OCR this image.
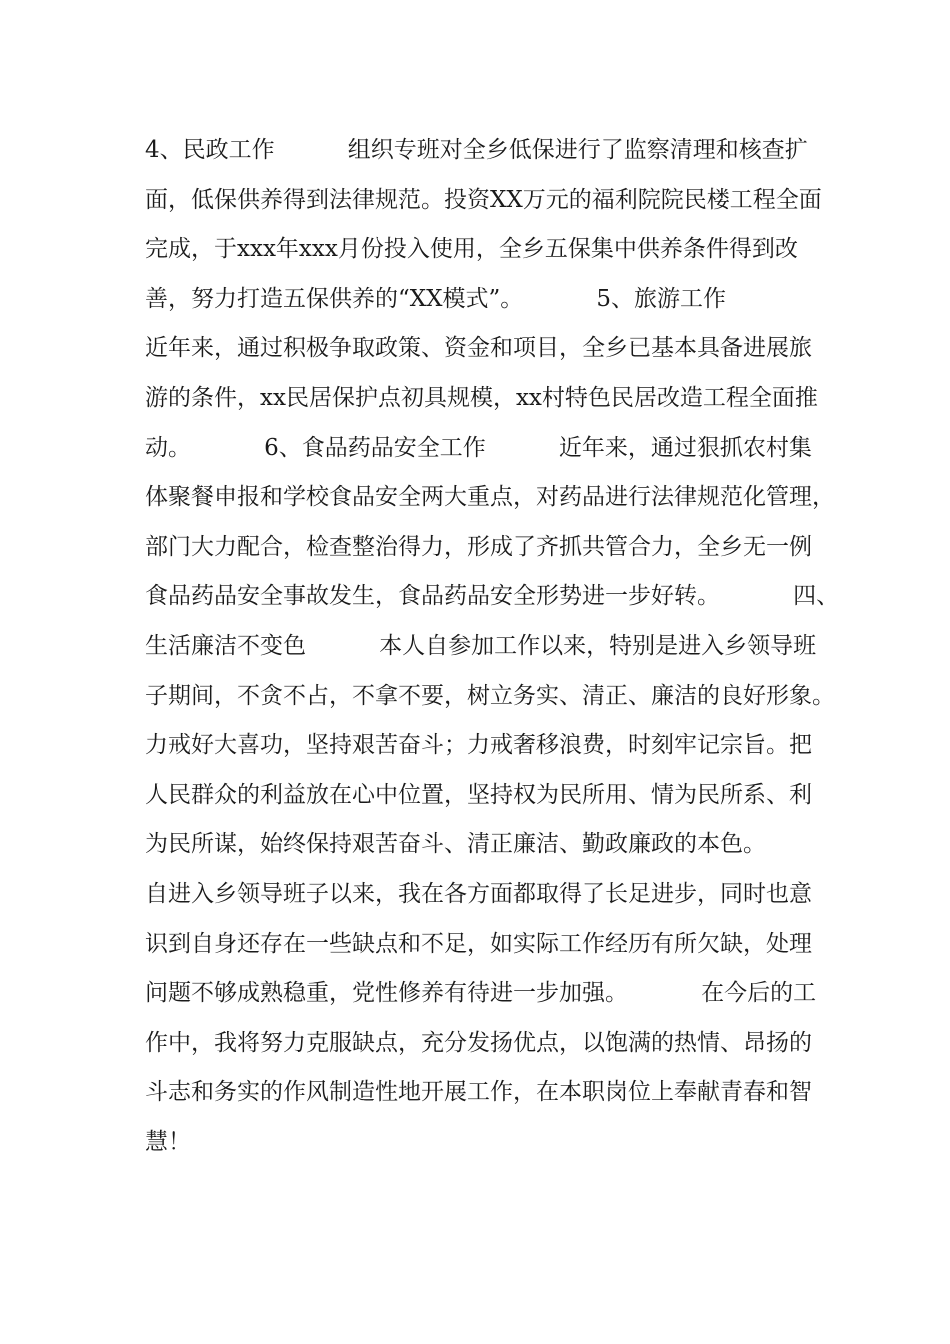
4、民政工作          组织专班对全乡低保进行了监察清理和核查扩
面，低保供养得到法律规范。投资XX万元的福利院院民楼工程全面
完成，于xxx年xxx月份投入使用，全乡五保集中供养条件得到改
善，努力打造五保供养的“XX模式”。          5、旅游工作
近年来，通过积极争取政策、资金和项目，全乡已基本具备进展旅
游的条件，xx民居保护点初具规模，xx村特色民居改造工程全面推
动。          6、食品药品安全工作          近年来，通过狠抓农村集
体聚餐申报和学校食品安全两大重点，对药品进行法律规范化管理，
部门大力配合，检查整治得力，形成了齐抓共管合力，全乡无一例
食品药品安全事故发生，食品药品安全形势进一步好转。          四、
生活廉洁不变色          本人自参加工作以来，特别是进入乡领导班
子期间，不贪不占，不拿不要，树立务实、清正、廉洁的良好形象。
力戒好大喜功，坚持艰苦奋斗；力戒奢移浪费，时刻牢记宗旨。把
人民群众的利益放在心中位置，坚持权为民所用、情为民所系、利
为民所谋，始终保持艰苦奋斗、清正廉洁、勤政廉政的本色。
自进入乡领导班子以来，我在各方面都取得了长足进步，同时也意
识到自身还存在一些缺点和不足，如实际工作经历有所欠缺，处理
问题不够成熟稳重，党性修养有待进一步加强。          在今后的工
作中，我将努力克服缺点，充分发扬优点，以饱满的热情、昂扬的
斗志和务实的作风制造性地开展工作，在本职岗位上奉献青春和智
慧！
